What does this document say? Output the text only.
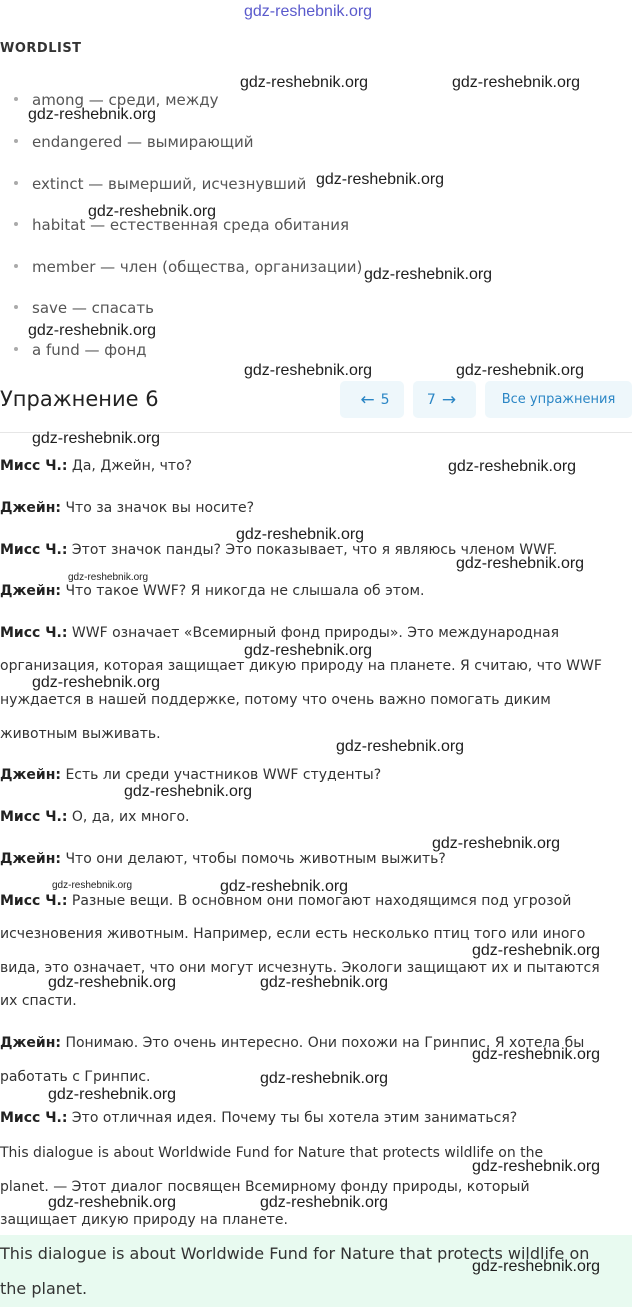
gdz-reshebnik.org
WORDLIST
among — среди, между
endangered — вымирающий
extinct — вымерший, исчезнувший
habitat — естественная среда обитания
member — член (общества, организации)
save — спасать
a fund — фонд
Упражнение 6	← 5	7 →	Все упражнения
Мисс Ч.: Да, Джейн, что?
Джейн: Что за значок вы носите?
Мисс Ч.: Этот значок панды? Это показывает, что я являюсь членом WWF.
Джейн: Что такое WWF? Я никогда не слышала об этом.
Мисс Ч.: WWF означает «Всемирный фонд природы». Это международная
организация, которая защищает дикую природу на планете. Я считаю, что WWF
нуждается в нашей поддержке, потому что очень важно помогать диким
животным выживать.
Джейн: Есть ли среди участников WWF студенты?
Мисс Ч.: О, да, их много.
Джейн: Что они делают, чтобы помочь животным выжить?
Мисс Ч.: Разные вещи. В основном они помогают находящимся под угрозой
исчезновения животным. Например, если есть несколько птиц того или иного
вида, это означает, что они могут исчезнуть. Экологи защищают их и пытаются
их спасти.
Джейн: Понимаю. Это очень интересно. Они похожи на Гринпис. Я хотела бы
работать с Гринпис.
Мисс Ч.: Это отличная идея. Почему ты бы хотела этим заниматься?
This dialogue is about Worldwide Fund for Nature that protects wildlife on the
planet. — Этот диалог посвящен Всемирному фонду природы, который
защищает дикую природу на планете.
This dialogue is about Worldwide Fund for Nature that protects wildlife on
the planet.
gdz-reshebnik.org	gdz-reshebnik.org
gdz-reshebnik.org
gdz-reshebnik.org
gdz-reshebnik.org
gdz-reshebnik.org
gdz-reshebnik.org
gdz-reshebnik.org	gdz-reshebnik.org
gdz-reshebnik.org
gdz-reshebnik.org
gdz-reshebnik.org
gdz-reshebnik.org
gdz-reshebnik.org
gdz-reshebnik.org
gdz-reshebnik.org
gdz-reshebnik.org
gdz-reshebnik.org
gdz-reshebnik.org
gdz-reshebnik.org	gdz-reshebnik.org
gdz-reshebnik.org
gdz-reshebnik.org	gdz-reshebnik.org
gdz-reshebnik.org
gdz-reshebnik.org
gdz-reshebnik.org
gdz-reshebnik.org
gdz-reshebnik.org	gdz-reshebnik.org
gdz-reshebnik.org
